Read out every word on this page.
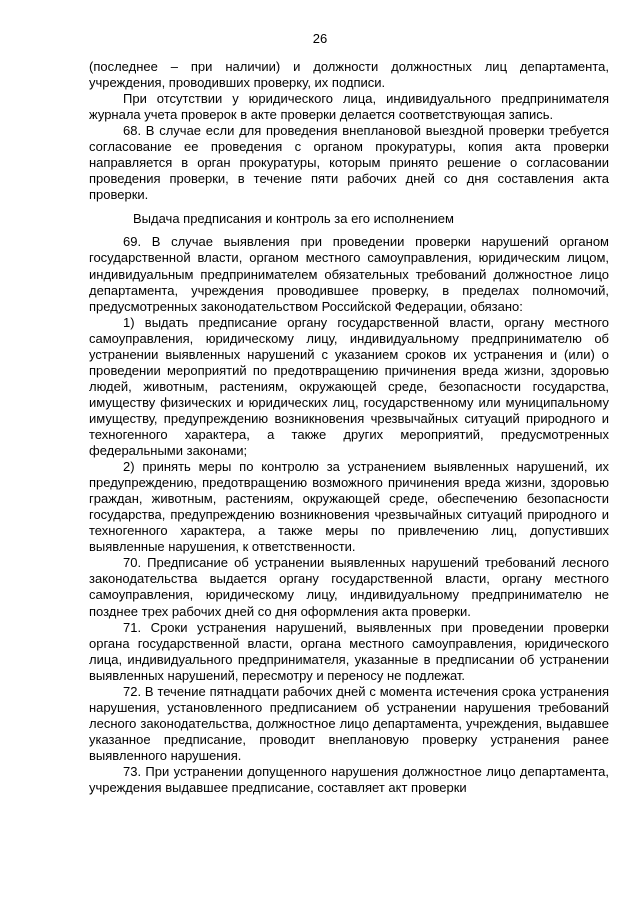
26

(последнее – при наличии) и должности должностных лиц департамента, учреждения, проводивших проверку, их подписи.

При отсутствии у юридического лица, индивидуального предпринимателя журнала учета проверок в акте проверки делается соответствующая запись.

68. В случае если для проведения внеплановой выездной проверки требуется согласование ее проведения с органом прокуратуры, копия акта проверки направляется в орган прокуратуры, которым принято решение о согласовании проведения проверки, в течение пяти рабочих дней со дня составления акта проверки.

Выдача предписания и контроль за его исполнением

69. В случае выявления при проведении проверки нарушений органом государственной власти, органом местного самоуправления, юридическим лицом, индивидуальным предпринимателем обязательных требований должностное лицо департамента, учреждения проводившее проверку, в пределах полномочий, предусмотренных законодательством Российской Федерации, обязано:

1) выдать предписание органу государственной власти, органу местного самоуправления, юридическому лицу, индивидуальному предпринимателю об устранении выявленных нарушений с указанием сроков их устранения и (или) о проведении мероприятий по предотвращению причинения вреда жизни, здоровью людей, животным, растениям, окружающей среде, безопасности государства, имуществу физических и юридических лиц, государственному или муниципальному имуществу, предупреждению возникновения чрезвычайных ситуаций природного и техногенного характера, а также других мероприятий, предусмотренных федеральными законами;

2) принять меры по контролю за устранением выявленных нарушений, их предупреждению, предотвращению возможного причинения вреда жизни, здоровью граждан, животным, растениям, окружающей среде, обеспечению безопасности государства, предупреждению возникновения чрезвычайных ситуаций природного и техногенного характера, а также меры по привлечению лиц, допустивших выявленные нарушения, к ответственности.

70. Предписание об устранении выявленных нарушений требований лесного законодательства выдается органу государственной власти, органу местного самоуправления, юридическому лицу, индивидуальному предпринимателю не позднее трех рабочих дней со дня оформления акта проверки.

71. Сроки устранения нарушений, выявленных при проведении проверки органа государственной власти, органа местного самоуправления, юридического лица, индивидуального предпринимателя, указанные в предписании об устранении выявленных нарушений, пересмотру и переносу не подлежат.

72. В течение пятнадцати рабочих дней с момента истечения срока устранения нарушения, установленного предписанием об устранении нарушения требований лесного законодательства, должностное лицо департамента, учреждения, выдавшее указанное предписание, проводит внеплановую проверку устранения ранее выявленного нарушения.

73. При устранении допущенного нарушения должностное лицо департамента, учреждения выдавшее предписание, составляет акт проверки
